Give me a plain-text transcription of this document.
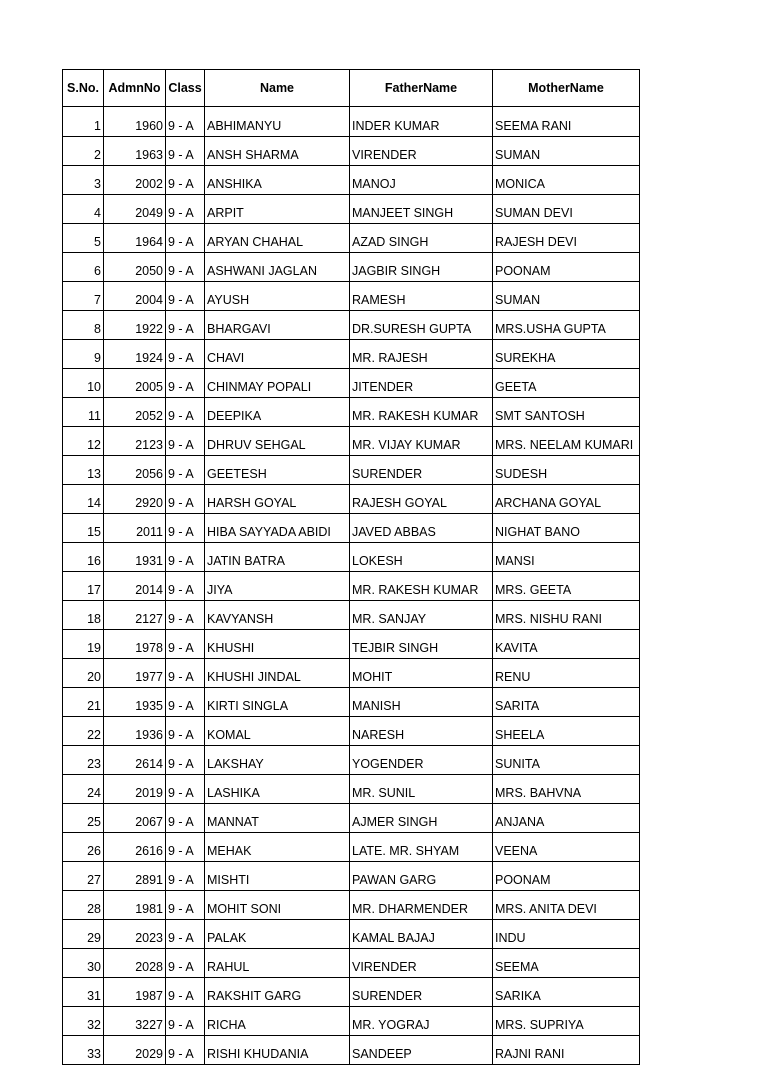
S.No.	AdmnNo	Class	Name	FatherName	MotherName
1	1960	9 - A	ABHIMANYU	INDER KUMAR	SEEMA RANI
2	1963	9 - A	ANSH SHARMA	VIRENDER	SUMAN
3	2002	9 - A	ANSHIKA	MANOJ	MONICA
4	2049	9 - A	ARPIT	MANJEET SINGH	SUMAN DEVI
5	1964	9 - A	ARYAN CHAHAL	AZAD SINGH	RAJESH DEVI
6	2050	9 - A	ASHWANI JAGLAN	JAGBIR SINGH	POONAM
7	2004	9 - A	AYUSH	RAMESH	SUMAN
8	1922	9 - A	BHARGAVI	DR.SURESH GUPTA	MRS.USHA GUPTA
9	1924	9 - A	CHAVI	MR. RAJESH	SUREKHA
10	2005	9 - A	CHINMAY POPALI	JITENDER	GEETA
11	2052	9 - A	DEEPIKA	MR. RAKESH KUMAR	SMT SANTOSH
12	2123	9 - A	DHRUV SEHGAL	MR. VIJAY KUMAR	MRS. NEELAM KUMARI
13	2056	9 - A	GEETESH	SURENDER	SUDESH
14	2920	9 - A	HARSH GOYAL	RAJESH GOYAL	ARCHANA GOYAL
15	2011	9 - A	HIBA SAYYADA ABIDI	JAVED ABBAS	NIGHAT BANO
16	1931	9 - A	JATIN BATRA	LOKESH	MANSI
17	2014	9 - A	JIYA	MR. RAKESH KUMAR	MRS. GEETA
18	2127	9 - A	KAVYANSH	MR. SANJAY	MRS. NISHU RANI
19	1978	9 - A	KHUSHI	TEJBIR SINGH	KAVITA
20	1977	9 - A	KHUSHI JINDAL	MOHIT	RENU
21	1935	9 - A	KIRTI SINGLA	MANISH	SARITA
22	1936	9 - A	KOMAL	NARESH	SHEELA
23	2614	9 - A	LAKSHAY	YOGENDER	SUNITA
24	2019	9 - A	LASHIKA	MR. SUNIL	MRS. BAHVNA
25	2067	9 - A	MANNAT	AJMER SINGH	ANJANA
26	2616	9 - A	MEHAK	LATE. MR. SHYAM	VEENA
27	2891	9 - A	MISHTI	PAWAN GARG	POONAM
28	1981	9 - A	MOHIT SONI	MR. DHARMENDER	MRS. ANITA DEVI
29	2023	9 - A	PALAK	KAMAL BAJAJ	INDU
30	2028	9 - A	RAHUL	VIRENDER	SEEMA
31	1987	9 - A	RAKSHIT GARG	SURENDER	SARIKA
32	3227	9 - A	RICHA	MR. YOGRAJ	MRS. SUPRIYA
33	2029	9 - A	RISHI KHUDANIA	SANDEEP	RAJNI RANI
